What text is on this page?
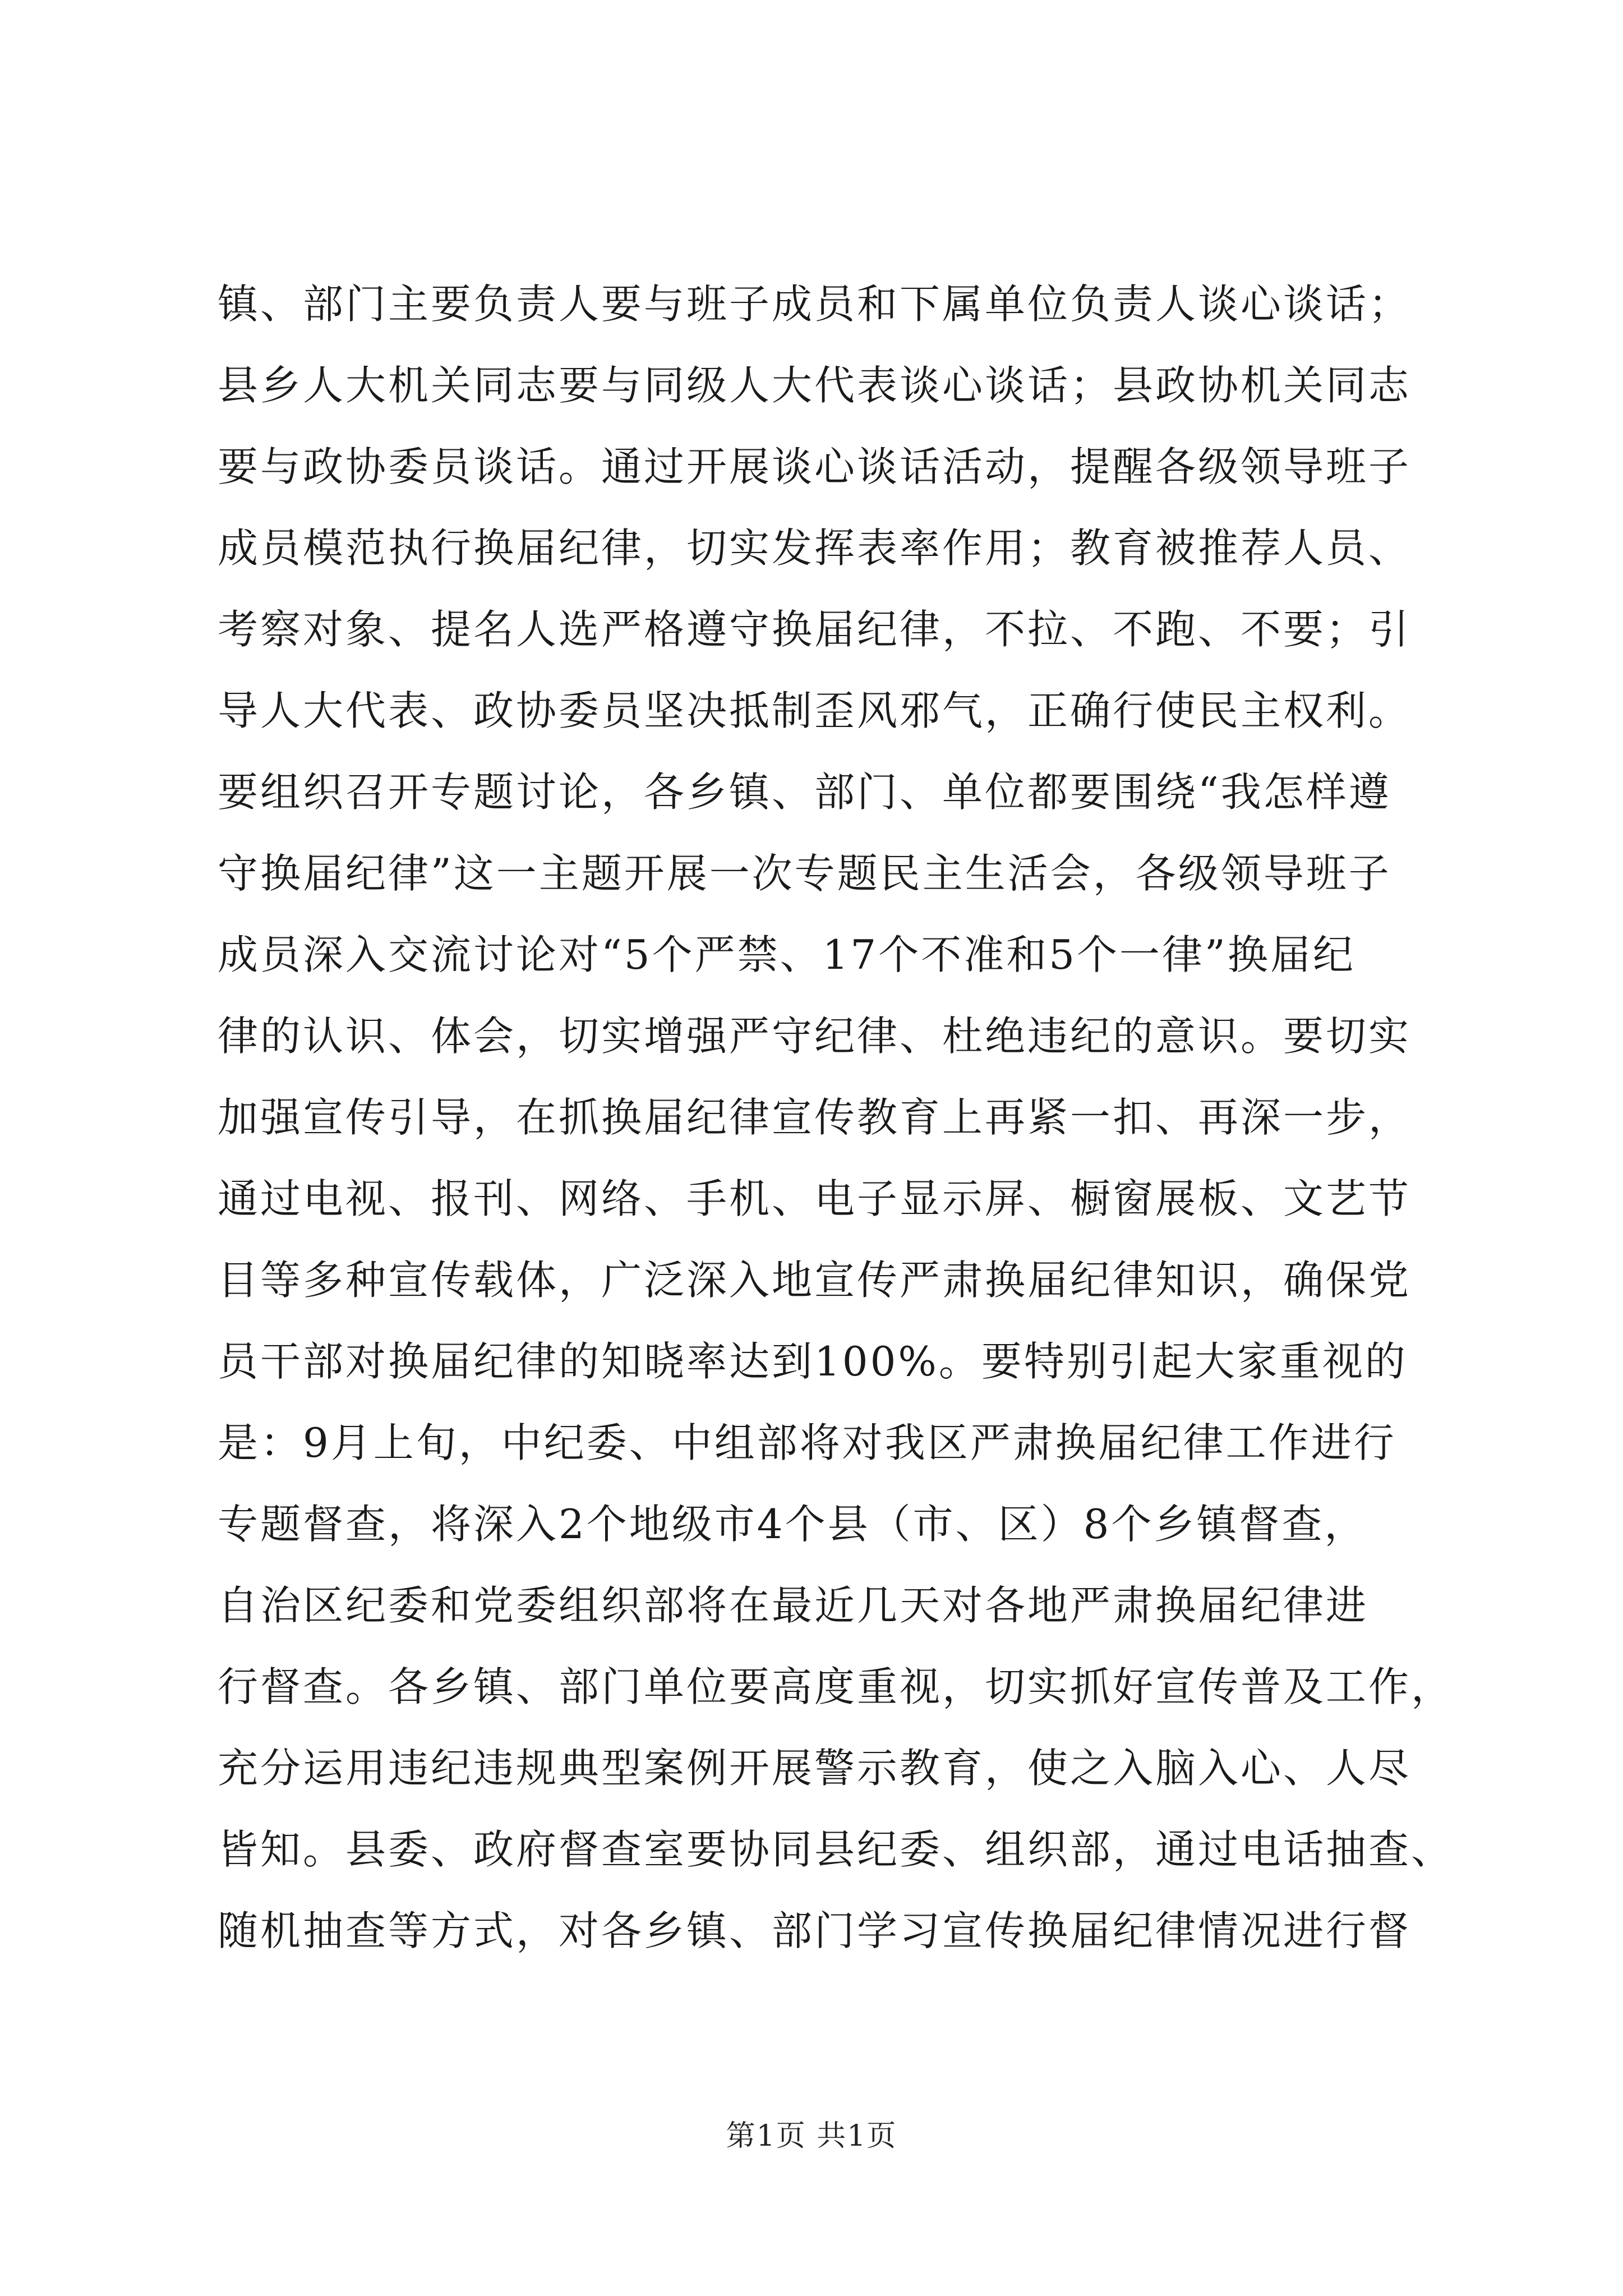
镇、部门主要负责人要与班子成员和下属单位负责人谈心谈话；
县乡人大机关同志要与同级人大代表谈心谈话；县政协机关同志
要与政协委员谈话。通过开展谈心谈话活动，提醒各级领导班子
成员模范执行换届纪律，切实发挥表率作用；教育被推荐人员、
考察对象、提名人选严格遵守换届纪律，不拉、不跑、不要；引
导人大代表、政协委员坚决抵制歪风邪气，正确行使民主权利。
要组织召开专题讨论，各乡镇、部门、单位都要围绕“我怎样遵
守换届纪律”这一主题开展一次专题民主生活会，各级领导班子
成员深入交流讨论对“5个严禁、17个不准和5个一律”换届纪
律的认识、体会，切实增强严守纪律、杜绝违纪的意识。要切实
加强宣传引导，在抓换届纪律宣传教育上再紧一扣、再深一步，
通过电视、报刊、网络、手机、电子显示屏、橱窗展板、文艺节
目等多种宣传载体，广泛深入地宣传严肃换届纪律知识，确保党
员干部对换届纪律的知晓率达到100%。要特别引起大家重视的
是：9月上旬，中纪委、中组部将对我区严肃换届纪律工作进行
专题督查，将深入2个地级市4个县（市、区）8个乡镇督查，
自治区纪委和党委组织部将在最近几天对各地严肃换届纪律进
行督查。各乡镇、部门单位要高度重视，切实抓好宣传普及工作，
充分运用违纪违规典型案例开展警示教育，使之入脑入心、人尽
皆知。县委、政府督查室要协同县纪委、组织部，通过电话抽查、
随机抽查等方式，对各乡镇、部门学习宣传换届纪律情况进行督
第1页 共1页
